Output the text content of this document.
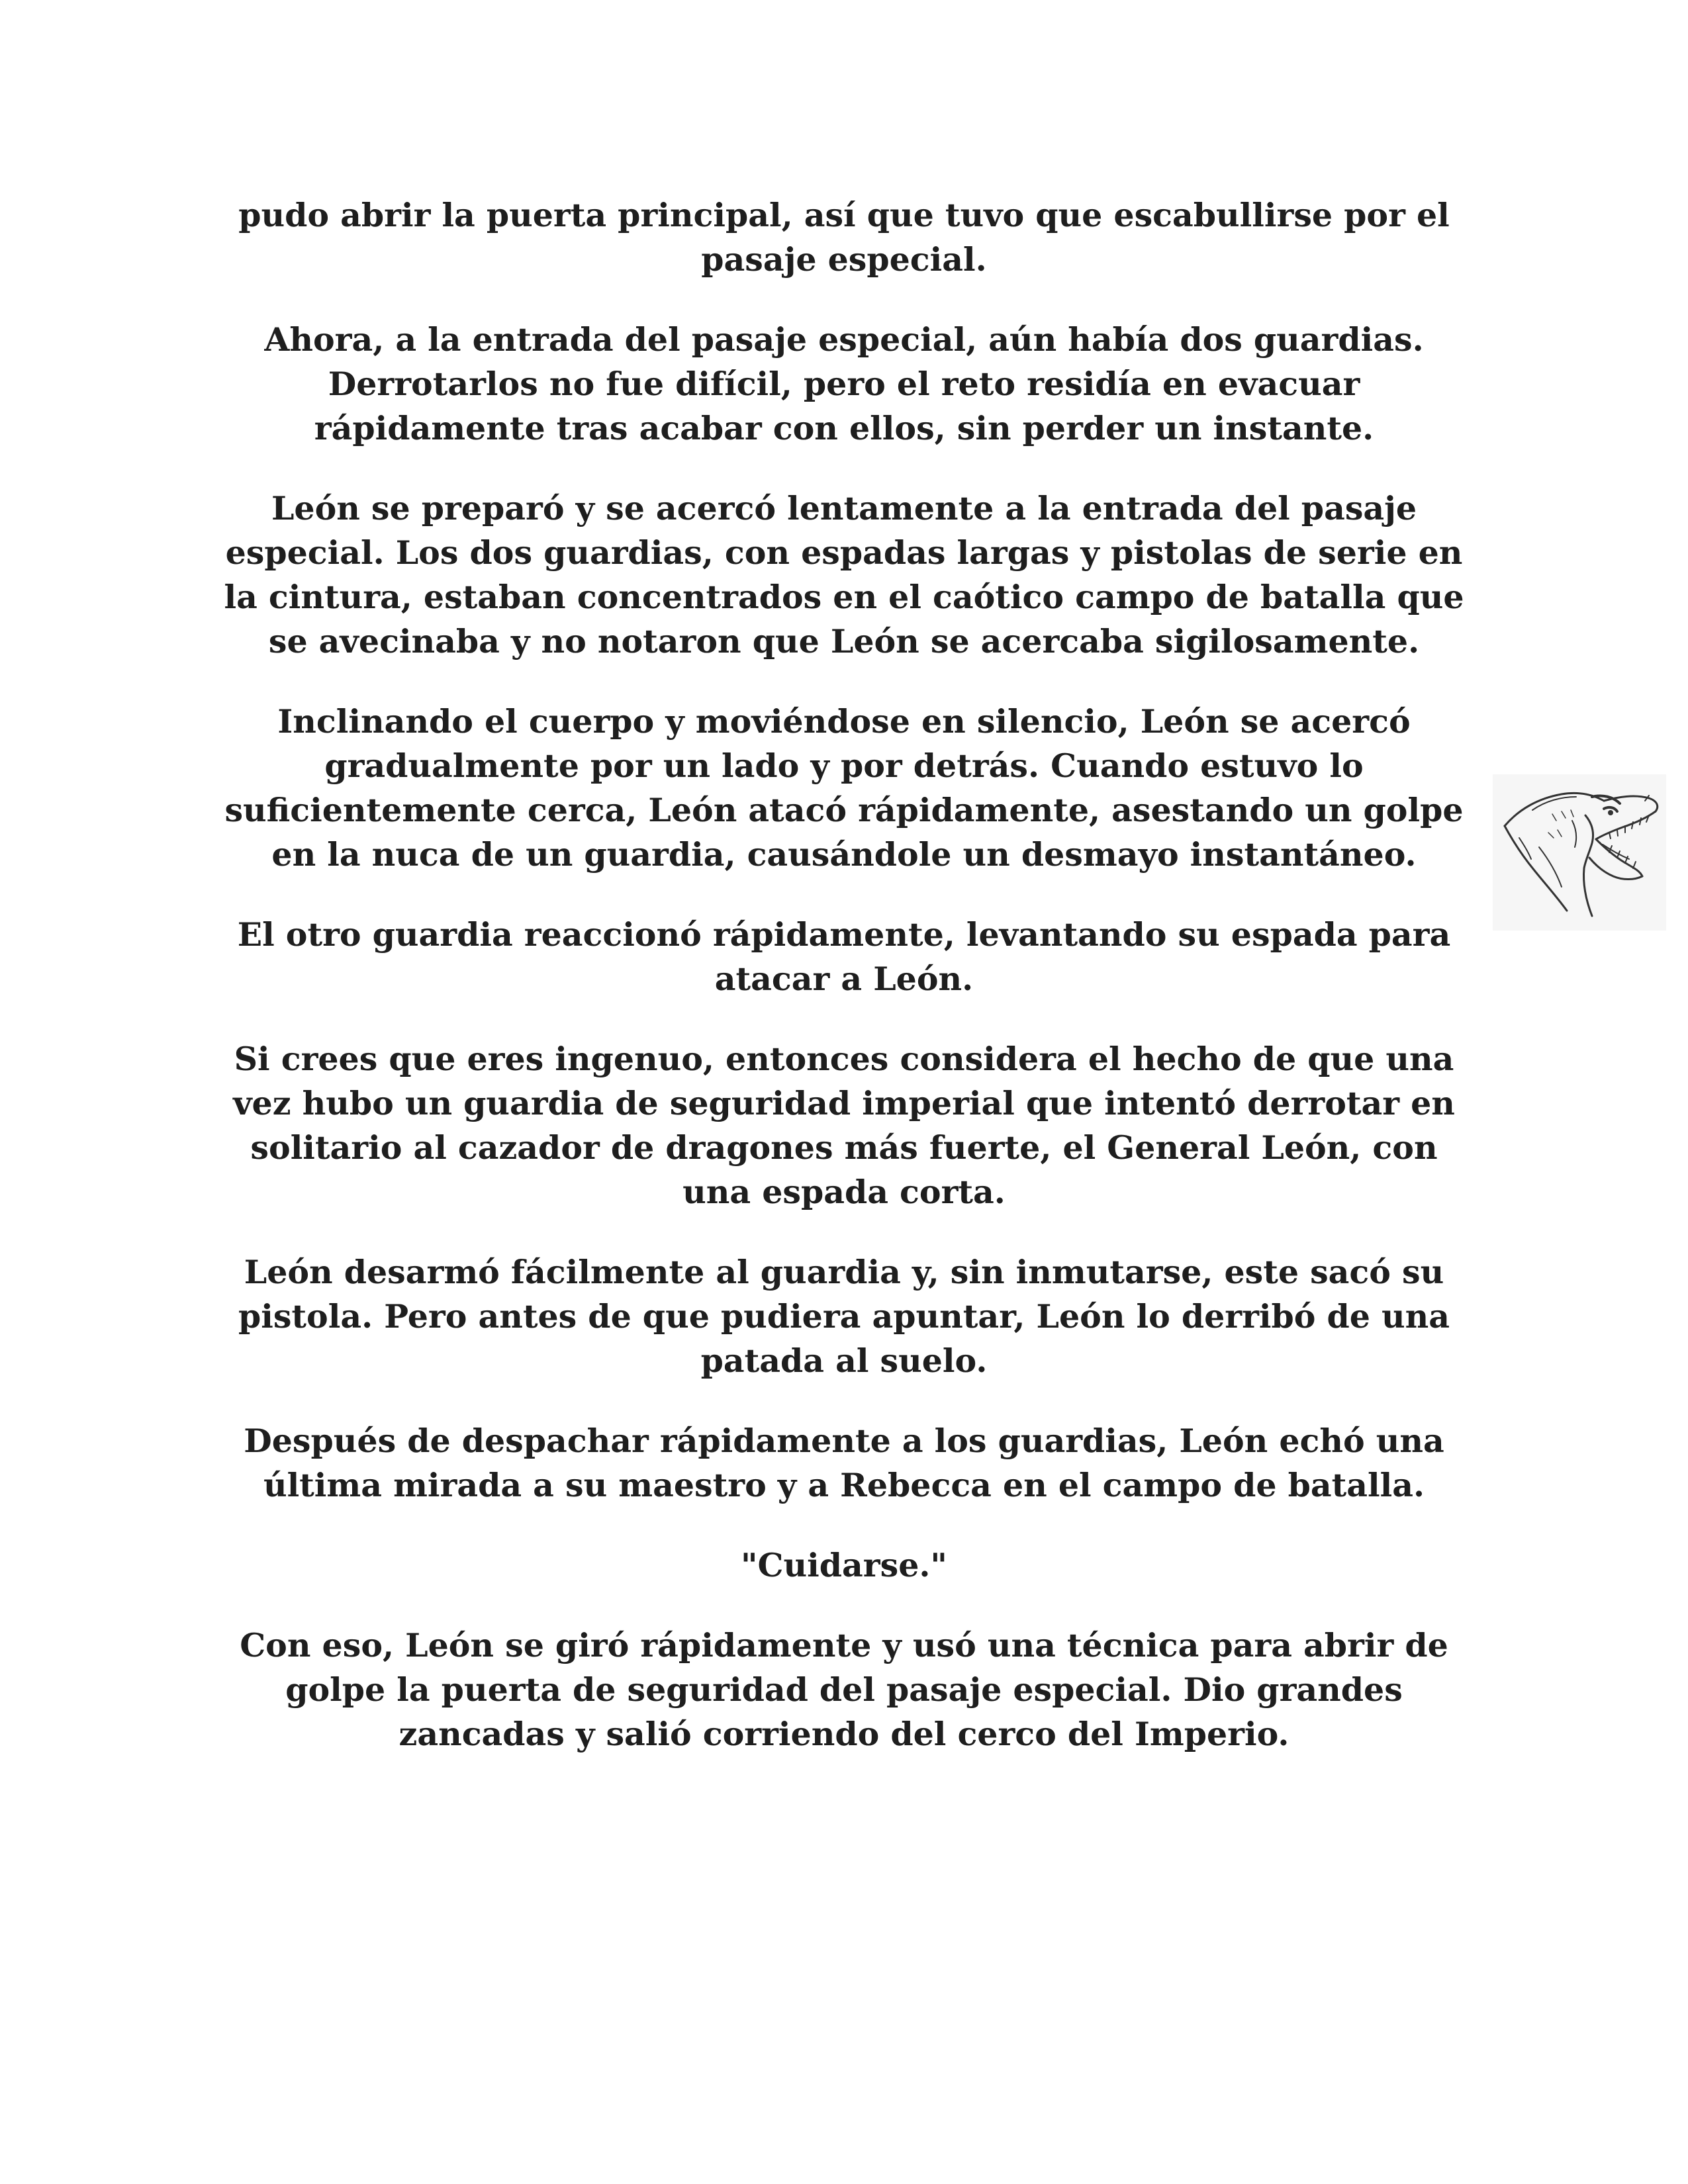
pudo abrir la puerta principal, así que tuvo que escabullirse por el pasaje especial.

Ahora, a la entrada del pasaje especial, aún había dos guardias. Derrotarlos no fue difícil, pero el reto residía en evacuar rápidamente tras acabar con ellos, sin perder un instante.

León se preparó y se acercó lentamente a la entrada del pasaje especial. Los dos guardias, con espadas largas y pistolas de serie en la cintura, estaban concentrados en el caótico campo de batalla que se avecinaba y no notaron que León se acercaba sigilosamente.

Inclinando el cuerpo y moviéndose en silencio, León se acercó gradualmente por un lado y por detrás. Cuando estuvo lo suficientemente cerca, León atacó rápidamente, asestando un golpe en la nuca de un guardia, causándole un desmayo instantáneo.

El otro guardia reaccionó rápidamente, levantando su espada para atacar a León.

Si crees que eres ingenuo, entonces considera el hecho de que una vez hubo un guardia de seguridad imperial que intentó derrotar en solitario al cazador de dragones más fuerte, el General León, con una espada corta.

León desarmó fácilmente al guardia y, sin inmutarse, este sacó su pistola. Pero antes de que pudiera apuntar, León lo derribó de una patada al suelo.

Después de despachar rápidamente a los guardias, León echó una última mirada a su maestro y a Rebecca en el campo de batalla.

"Cuidarse."

Con eso, León se giró rápidamente y usó una técnica para abrir de golpe la puerta de seguridad del pasaje especial. Dio grandes zancadas y salió corriendo del cerco del Imperio.
